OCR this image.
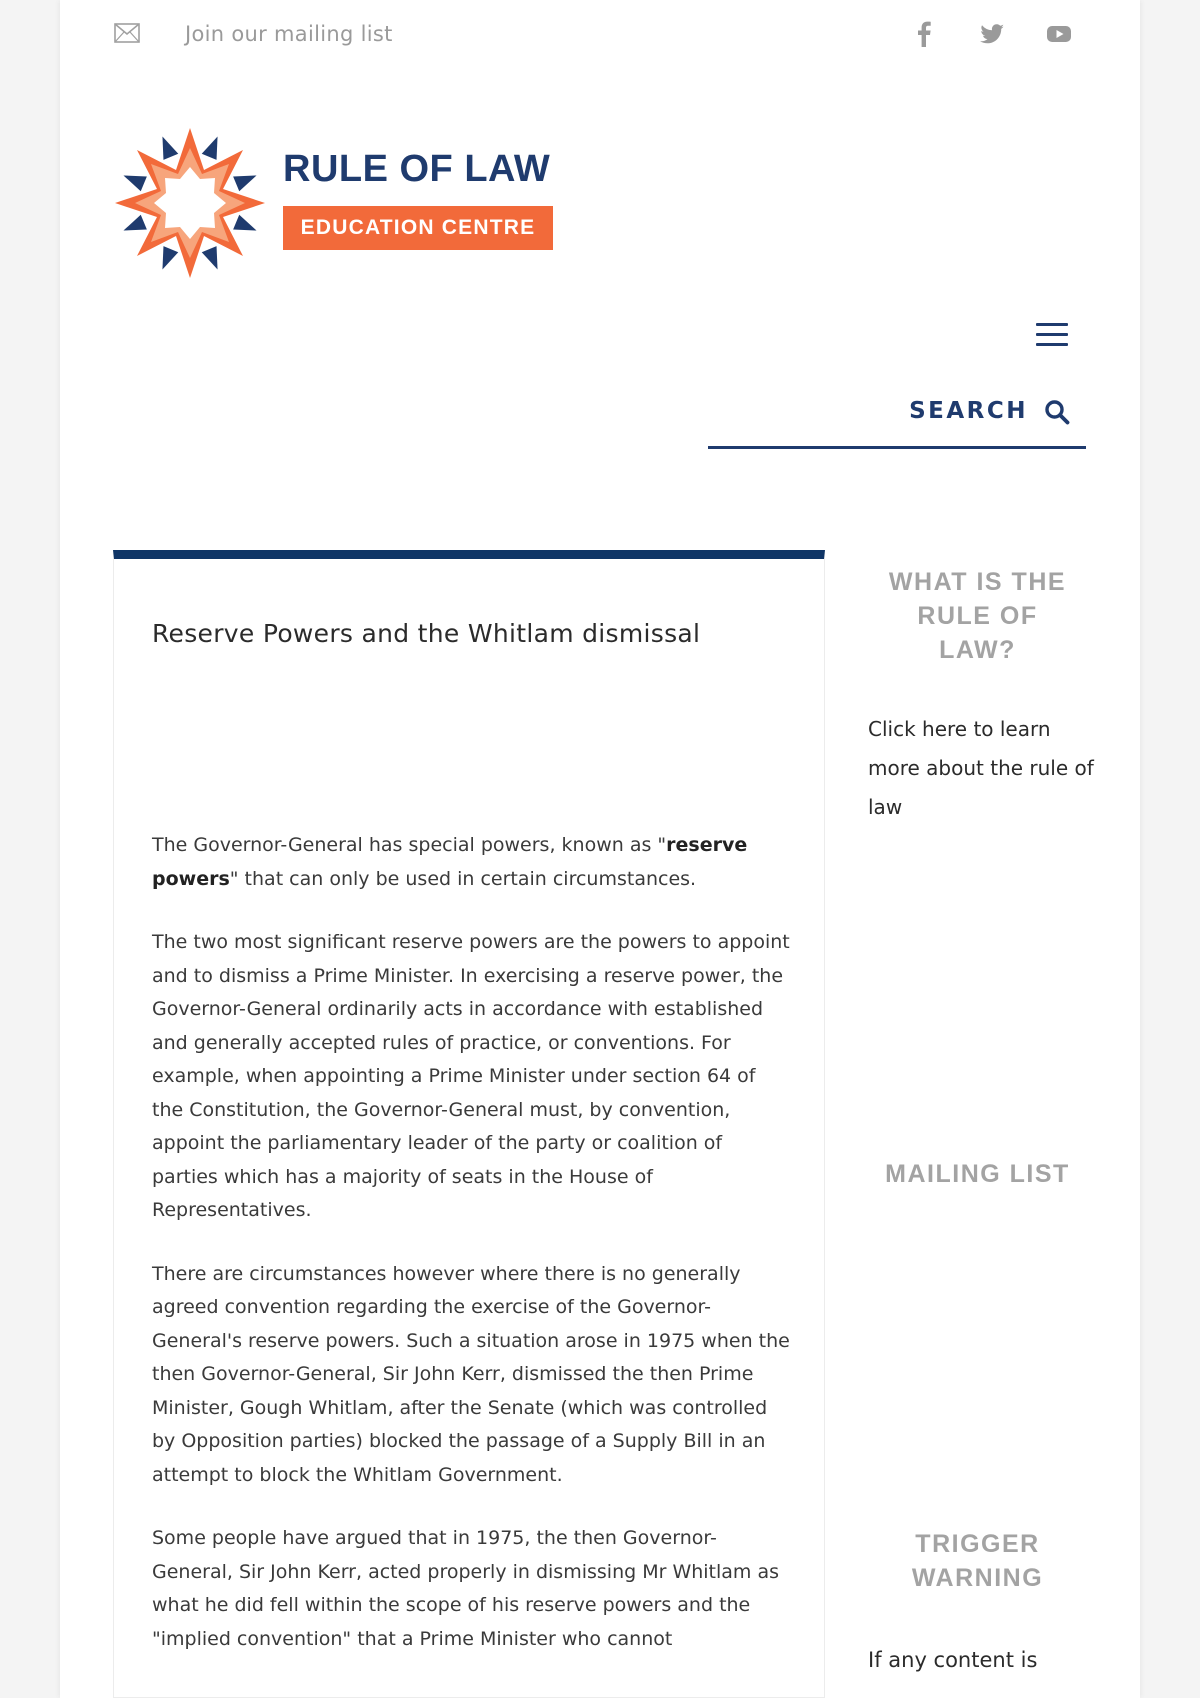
Join our mailing list
RULE OF LAW
EDUCATION CENTRE
SEARCH
Reserve Powers and the Whitlam dismissal

The Governor-General has special powers, known as "reserve powers" that can only be used in certain circumstances.

The two most significant reserve powers are the powers to appoint and to dismiss a Prime Minister. In exercising a reserve power, the Governor-General ordinarily acts in accordance with established and generally accepted rules of practice, or conventions. For example, when appointing a Prime Minister under section 64 of the Constitution, the Governor-General must, by convention, appoint the parliamentary leader of the party or coalition of parties which has a majority of seats in the House of Representatives.

There are circumstances however where there is no generally agreed convention regarding the exercise of the Governor-General's reserve powers. Such a situation arose in 1975 when the then Governor-General, Sir John Kerr, dismissed the then Prime Minister, Gough Whitlam, after the Senate (which was controlled by Opposition parties) blocked the passage of a Supply Bill in an attempt to block the Whitlam Government.

Some people have argued that in 1975, the then Governor-General, Sir John Kerr, acted properly in dismissing Mr Whitlam as what he did fell within the scope of his reserve powers and the "implied convention" that a Prime Minister who cannot

WHAT IS THE
RULE OF
LAW?
Click here to learn more about the rule of law
MAILING LIST
TRIGGER
WARNING
If any content is
